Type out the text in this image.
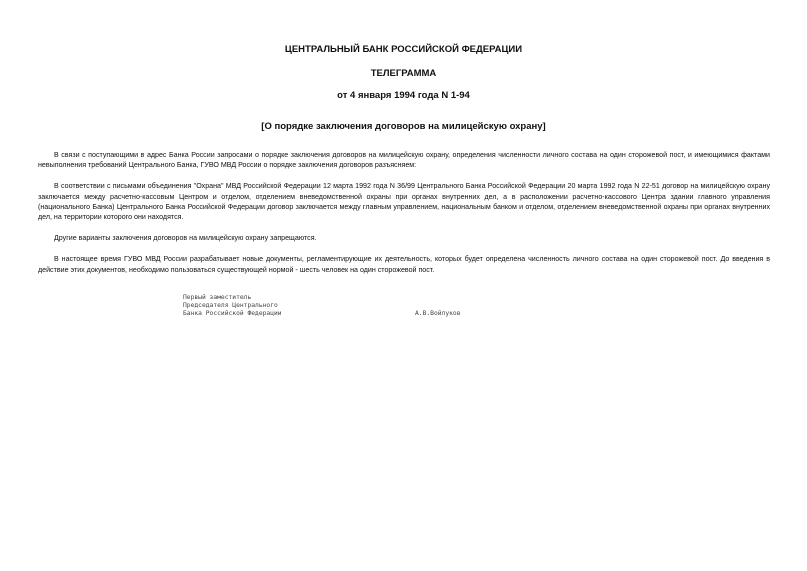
ЦЕНТРАЛЬНЫЙ БАНК РОССИЙСКОЙ ФЕДЕРАЦИИ
ТЕЛЕГРАММА
от 4 января 1994 года N 1-94
[О порядке заключения договоров на милицейскую охрану]

В связи с поступающими в адрес Банка России запросами о порядке заключения договоров на милицейскую охрану, определения численности личного состава на один сторожевой пост, и имеющимися фактами невыполнения требований Центрального Банка, ГУВО МВД России о порядке заключения договоров разъясняем:

В соответствии с письмами объединения "Охрана" МВД Российской Федерации 12 марта 1992 года N 36/99 Центрального Банка Российской Федерации 20 марта 1992 года N 22-51 договор на милицейскую охрану заключается между расчетно-кассовым Центром и отделом, отделением вневедомственной охраны при органах внутренних дел, а в расположении расчетно-кассового Центра здании главного управления (национального Банка) Центрального Банка Российской Федерации договор заключается между главным управлением, национальным банком и отделом, отделением вневедомственной охраны при органах внутренних дел, на территории которого они находятся.

Другие варианты заключения договоров на милицейскую охрану запрещаются.

В настоящее время ГУВО МВД России разрабатывает новые документы, регламентирующие их деятельность, которых будет определена численность личного состава на один сторожевой пост. До введения в действие этих документов, необходимо пользоваться существующей нормой - шесть человек на один сторожевой пост.

Первый заместитель
Председателя Центрального
Банка Российской Федерации	А.В.Войлуков
